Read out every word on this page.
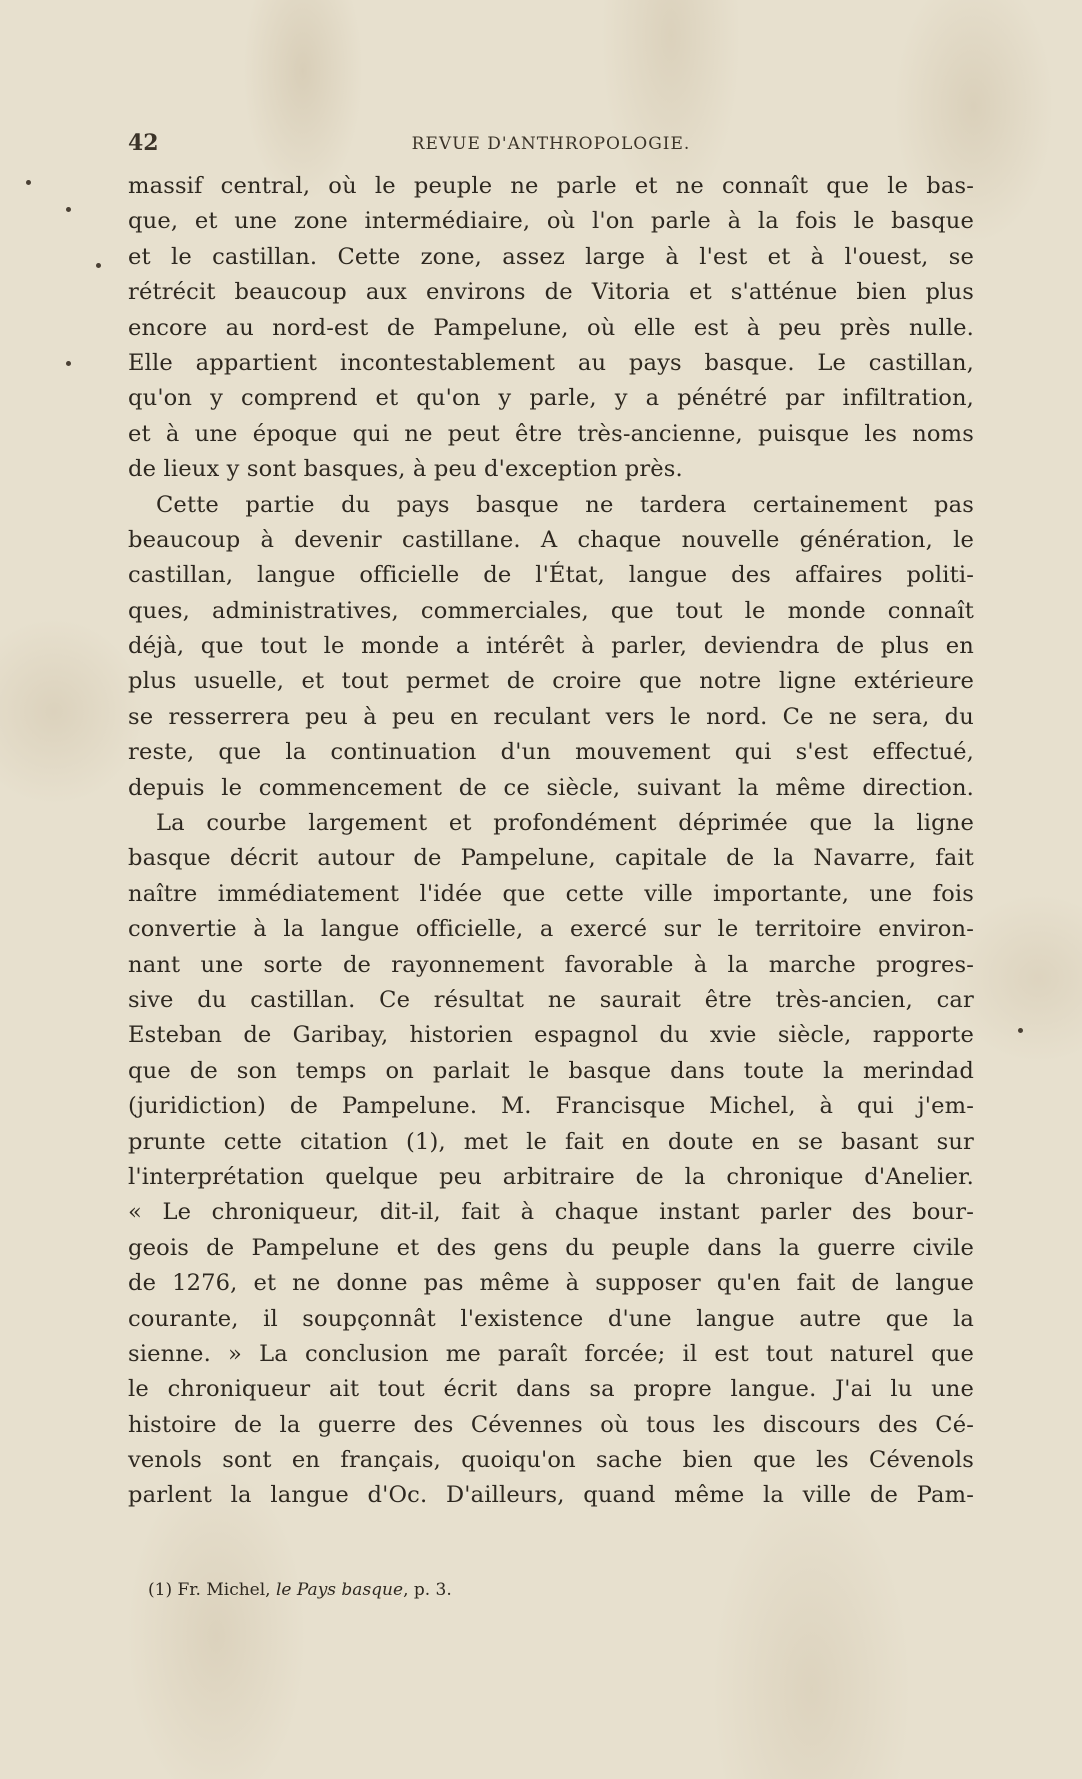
42	REVUE D'ANTHROPOLOGIE.
massif central, où le peuple ne parle et ne connaît que le bas-
que, et une zone intermédiaire, où l'on parle à la fois le basque
et le castillan. Cette zone, assez large à l'est et à l'ouest, se
rétrécit beaucoup aux environs de Vitoria et s'atténue bien plus
encore au nord-est de Pampelune, où elle est à peu près nulle.
Elle appartient incontestablement au pays basque. Le castillan,
qu'on y comprend et qu'on y parle, y a pénétré par infiltration,
et à une époque qui ne peut être très-ancienne, puisque les noms
de lieux y sont basques, à peu d'exception près.
Cette partie du pays basque ne tardera certainement pas
beaucoup à devenir castillane. A chaque nouvelle génération, le
castillan, langue officielle de l'État, langue des affaires politi-
ques, administratives, commerciales, que tout le monde connaît
déjà, que tout le monde a intérêt à parler, deviendra de plus en
plus usuelle, et tout permet de croire que notre ligne extérieure
se resserrera peu à peu en reculant vers le nord. Ce ne sera, du
reste, que la continuation d'un mouvement qui s'est effectué,
depuis le commencement de ce siècle, suivant la même direction.
La courbe largement et profondément déprimée que la ligne
basque décrit autour de Pampelune, capitale de la Navarre, fait
naître immédiatement l'idée que cette ville importante, une fois
convertie à la langue officielle, a exercé sur le territoire environ-
nant une sorte de rayonnement favorable à la marche progres-
sive du castillan. Ce résultat ne saurait être très-ancien, car
Esteban de Garibay, historien espagnol du xvie siècle, rapporte
que de son temps on parlait le basque dans toute la merindad
(juridiction) de Pampelune. M. Francisque Michel, à qui j'em-
prunte cette citation (1), met le fait en doute en se basant sur
l'interprétation quelque peu arbitraire de la chronique d'Anelier.
« Le chroniqueur, dit-il, fait à chaque instant parler des bour-
geois de Pampelune et des gens du peuple dans la guerre civile
de 1276, et ne donne pas même à supposer qu'en fait de langue
courante, il soupçonnât l'existence d'une langue autre que la
sienne. » La conclusion me paraît forcée; il est tout naturel que
le chroniqueur ait tout écrit dans sa propre langue. J'ai lu une
histoire de la guerre des Cévennes où tous les discours des Cé-
venols sont en français, quoiqu'on sache bien que les Cévenols
parlent la langue d'Oc. D'ailleurs, quand même la ville de Pam-
(1) Fr. Michel, le Pays basque, p. 3.
